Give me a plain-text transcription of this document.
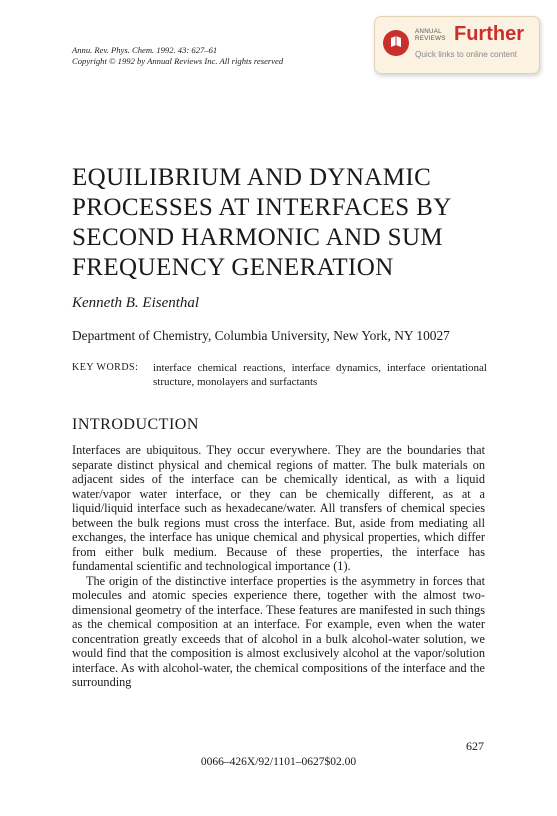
Annu. Rev. Phys. Chem. 1992. 43: 627–61
Copyright © 1992 by Annual Reviews Inc. All rights reserved
ANNUAL REVIEWS Further
Quick links to online content
EQUILIBRIUM AND DYNAMIC PROCESSES AT INTERFACES BY SECOND HARMONIC AND SUM FREQUENCY GENERATION
Kenneth B. Eisenthal
Department of Chemistry, Columbia University, New York, NY 10027
KEY WORDS: interface chemical reactions, interface dynamics, interface orientational structure, monolayers and surfactants
INTRODUCTION

Interfaces are ubiquitous. They occur everywhere. They are the boundaries that separate distinct physical and chemical regions of matter. The bulk materials on adjacent sides of the interface can be chemically identical, as with a liquid water/vapor water interface, or they can be chemically different, as at a liquid/liquid interface such as hexadecane/water. All transfers of chemical species between the bulk regions must cross the interface. But, aside from mediating all exchanges, the interface has unique chemical and physical properties, which differ from either bulk medium. Because of these properties, the interface has fundamental scientific and technological importance (1).

The origin of the distinctive interface properties is the asymmetry in forces that molecules and atomic species experience there, together with the almost two-dimensional geometry of the interface. These features are manifested in such things as the chemical composition at an interface. For example, even when the water concentration greatly exceeds that of alcohol in a bulk alcohol-water solution, we would find that the composition is almost exclusively alcohol at the vapor/solution interface. As with alcohol-water, the chemical compositions of the interface and the surrounding

627
0066–426X/92/1101–0627$02.00
